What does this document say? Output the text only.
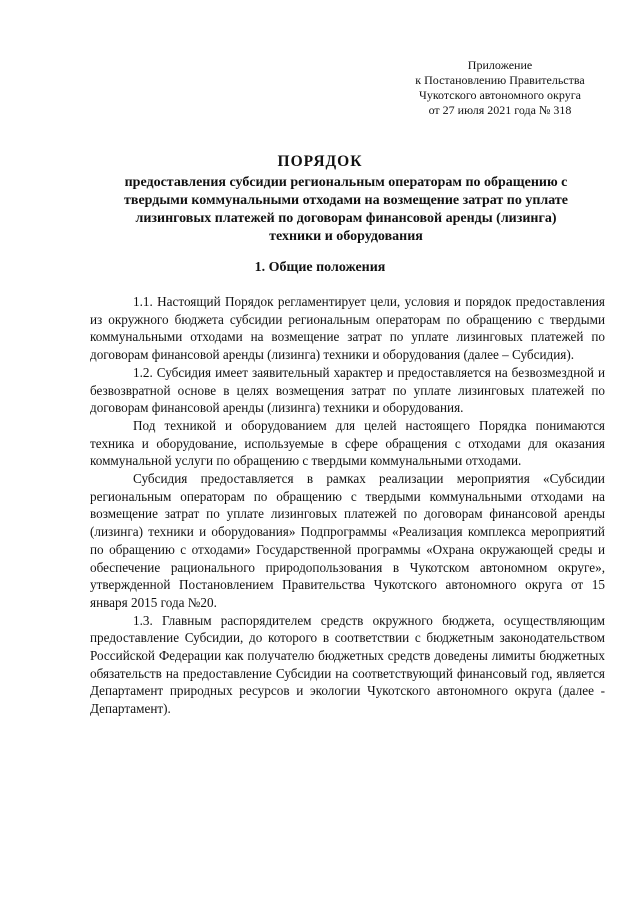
Приложение
к Постановлению Правительства
Чукотского автономного округа
от 27 июля 2021 года № 318
ПОРЯДОК
предоставления субсидии региональным операторам по обращению с
твердыми коммунальными отходами на возмещение затрат по уплате
лизинговых платежей по договорам финансовой аренды (лизинга)
техники и оборудования
1. Общие положения

1.1. Настоящий Порядок регламентирует цели, условия и порядок предоставления из окружного бюджета субсидии региональным операторам по обращению с твердыми коммунальными отходами на возмещение затрат по уплате лизинговых платежей по договорам финансовой аренды (лизинга) техники и оборудования (далее – Субсидия).

1.2. Субсидия имеет заявительный характер и предоставляется на безвозмездной и безвозвратной основе в целях возмещения затрат по уплате лизинговых платежей по договорам финансовой аренды (лизинга) техники и оборудования.

Под техникой и оборудованием для целей настоящего Порядка понимаются техника и оборудование, используемые в сфере обращения с отходами для оказания коммунальной услуги по обращению с твердыми коммунальными отходами.

Субсидия предоставляется в рамках реализации мероприятия «Субсидии региональным операторам по обращению с твердыми коммунальными отходами на возмещение затрат по уплате лизинговых платежей по договорам финансовой аренды (лизинга) техники и оборудования» Подпрограммы «Реализация комплекса мероприятий по обращению с отходами» Государственной программы «Охрана окружающей среды и обеспечение рационального природопользования в Чукотском автономном округе», утвержденной Постановлением Правительства Чукотского автономного округа от 15 января 2015 года №20.

1.3. Главным распорядителем средств окружного бюджета, осуществляющим предоставление Субсидии, до которого в соответствии с бюджетным законодательством Российской Федерации как получателю бюджетных средств доведены лимиты бюджетных обязательств на предоставление Субсидии на соответствующий финансовый год, является Департамент природных ресурсов и экологии Чукотского автономного округа (далее - Департамент).
